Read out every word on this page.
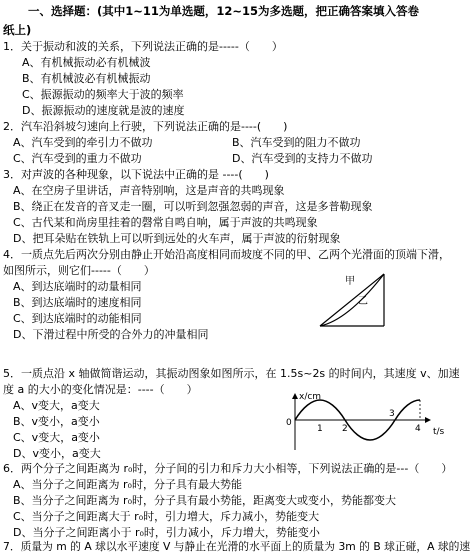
一、选择题：(其中1~11为单选题，12~15为多选题，把正确答案填入答卷
纸上)
1．关于振动和波的关系，下列说法正确的是-----（　　）
A、有机械振动必有机械波
B、有机械波必有机械振动
C、振源振动的频率大于波的频率
D、振源振动的速度就是波的速度
2．汽车沿斜坡匀速向上行驶，下列说法正确的是----(　　)
A、汽车受到的牵引力不做功	B、汽车受到的阻力不做功
C、汽车受到的重力不做功	D、汽车受到的支持力不做功
3．对声波的各种现象，以下说法中正确的是 ----(　　)
A、在空房子里讲话，声音特别响，这是声音的共鸣现象
B、绕正在发音的音叉走一圈，可以听到忽强忽弱的声音，这是多普勒现象
C、古代某和尚房里挂着的磬常自鸣自响，属于声波的共鸣现象
D、把耳朵贴在铁轨上可以听到远处的火车声，属于声波的衍射现象
4．一质点先后两次分别由静止开始沿高度相同而坡度不同的甲、乙两个光滑面的顶端下滑，
如图所示，则它们-----（　　）
A、到达底端时的动量相同
B、到达底端时的速度相同
C、到达底端时的动能相同
D、下滑过程中所受的合外力的冲量相同
甲
乙
5．一质点沿 x 轴做简谐运动，其振动图象如图所示，在 1.5s~2s 的时间内，其速度 v、加速
度 a 的大小的变化情况是：----（　　）
A、v变大，a变大
B、v变小，a变小
C、v变大，a变小
D、v变小，a变大
x/cm
t/s
0
1 2
3
4
6．两个分子之间距离为 r₀时，分子间的引力和斥力大小相等，下列说法正确的是---（　　）
A、当分子之间距离为 r₀时，分子具有最大势能
B、当分子之间距离为 r₀时，分子具有最小势能，距离变大或变小，势能都变大
C、当分子之间距离大于 r₀时，引力增大，斥力减小，势能变大
D、当分子之间距离小于 r₀时，引力减小，斥力增大，势能变小
7．质量为 m 的 A 球以水平速度 V 与静止在光滑的水平面上的质量为 3m 的 B 球正碰，A 球的速
